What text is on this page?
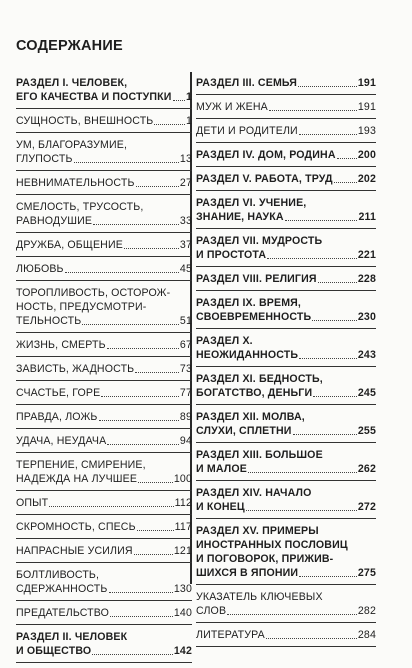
СОДЕРЖАНИЕ
РАЗДЕЛ I. ЧЕЛОВЕК,
ЕГО КАЧЕСТВА И ПОСТУПКИ 1
СУЩНОСТЬ, ВНЕШНОСТЬ	1
УМ, БЛАГОРАЗУМИЕ,
ГЛУПОСТЬ	13
НЕВНИМАТЕЛЬНОСТЬ	27
СМЕЛОСТЬ, ТРУСОСТЬ,
РАВНОДУШИЕ	33
ДРУЖБА, ОБЩЕНИЕ	37
ЛЮБОВЬ	45
ТОРОПЛИВОСТЬ, ОСТОРОЖ-
НОСТЬ, ПРЕДУСМОТРИ-
ТЕЛЬНОСТЬ	51
ЖИЗНЬ, СМЕРТЬ	67
ЗАВИСТЬ, ЖАДНОСТЬ	73
СЧАСТЬЕ, ГОРЕ	77
ПРАВДА, ЛОЖЬ	89
УДАЧА, НЕУДАЧА	94
ТЕРПЕНИЕ, СМИРЕНИЕ,
НАДЕЖДА НА ЛУЧШЕЕ	100
ОПЫТ	112
СКРОМНОСТЬ, СПЕСЬ	117
НАПРАСНЫЕ УСИЛИЯ	121
БОЛТЛИВОСТЬ,
СДЕРЖАННОСТЬ	130
ПРЕДАТЕЛЬСТВО	140
РАЗДЕЛ II. ЧЕЛОВЕК
И ОБЩЕСТВО	142
РАЗДЕЛ III. СЕМЬЯ	191
МУЖ И ЖЕНА	191
ДЕТИ И РОДИТЕЛИ	193
РАЗДЕЛ IV. ДОМ, РОДИНА 200
РАЗДЕЛ V. РАБОТА, ТРУД 202
РАЗДЕЛ VI. УЧЕНИЕ,
ЗНАНИЕ, НАУКА	211
РАЗДЕЛ VII. МУДРОСТЬ
И ПРОСТОТА	221
РАЗДЕЛ VIII. РЕЛИГИЯ	228
РАЗДЕЛ IX. ВРЕМЯ,
СВОЕВРЕМЕННОСТЬ	230
РАЗДЕЛ X.
НЕОЖИДАННОСТЬ	243
РАЗДЕЛ XI. БЕДНОСТЬ,
БОГАТСТВО, ДЕНЬГИ	245
РАЗДЕЛ XII. МОЛВА,
СЛУХИ, СПЛЕТНИ	255
РАЗДЕЛ XIII. БОЛЬШОЕ
И МАЛОЕ	262
РАЗДЕЛ XIV. НАЧАЛО
И КОНЕЦ	272
РАЗДЕЛ XV. ПРИМЕРЫ
ИНОСТРАННЫХ ПОСЛОВИЦ
И ПОГОВОРОК, ПРИЖИВ-
ШИХСЯ В ЯПОНИИ	275
УКАЗАТЕЛЬ КЛЮЧЕВЫХ
СЛОВ	282
ЛИТЕРАТУРА	284
